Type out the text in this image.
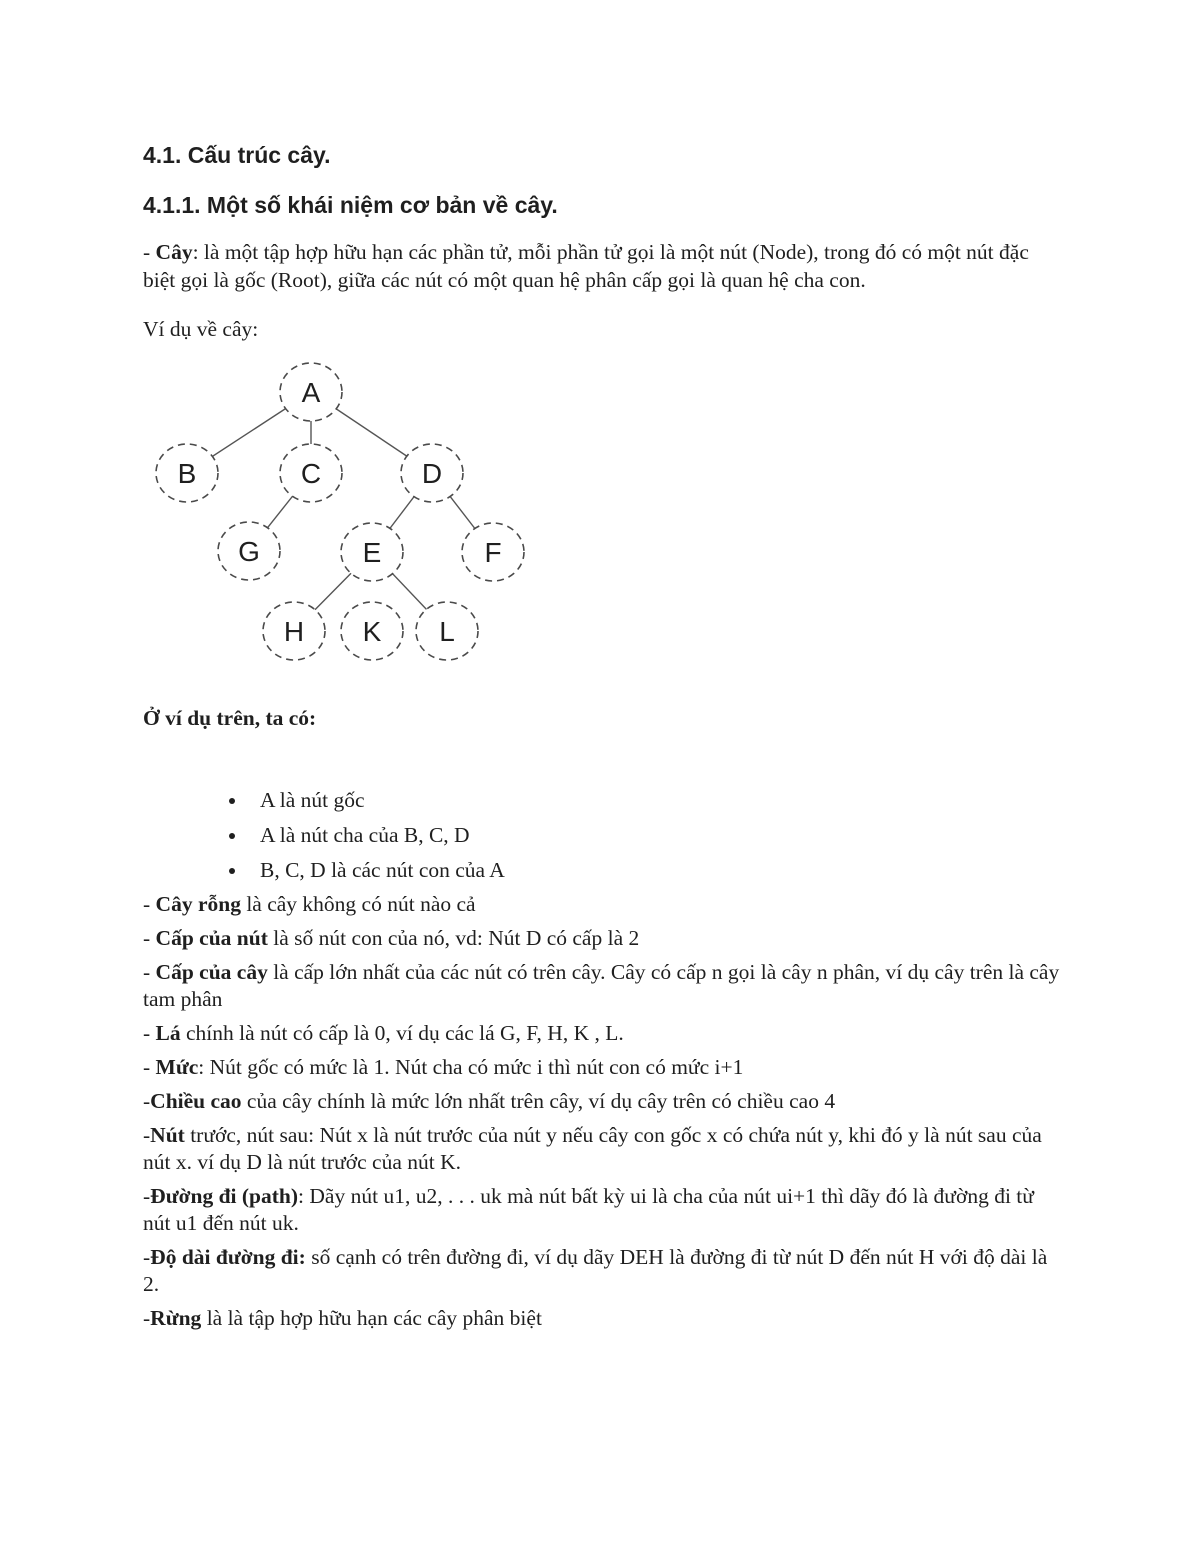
4.1. Cấu trúc cây.
4.1.1. Một số khái niệm cơ bản về cây.

- Cây: là một tập hợp hữu hạn các phần tử, mỗi phần tử gọi là một nút (Node), trong đó có một nút đặc biệt gọi là gốc (Root), giữa các nút có một quan hệ phân cấp gọi là quan hệ cha con.

Ví dụ về cây:

A
B	C	D
G	E	F
H K L

Ở ví dụ trên, ta có:

• A là nút gốc
• A là nút cha của B, C, D
• B, C, D là các nút con của A

- Cây rỗng là cây không có nút nào cả

- Cấp của nút là số nút con của nó, vd: Nút D có cấp là 2

- Cấp của cây là cấp lớn nhất của các nút có trên cây. Cây có cấp n gọi là cây n phân, ví dụ cây trên là cây tam phân

- Lá chính là nút có cấp là 0, ví dụ các lá G, F, H, K , L.

- Mức: Nút gốc có mức là 1. Nút cha có mức i thì nút con có mức i+1

-Chiều cao của cây chính là mức lớn nhất trên cây, ví dụ cây trên có chiều cao 4

-Nút trước, nút sau: Nút x là nút trước của nút y nếu cây con gốc x có chứa nút y, khi đó y là nút sau của nút x. ví dụ D là nút trước của nút K.

-Đường đi (path): Dãy nút u1, u2, . . . uk mà nút bất kỳ ui là cha của nút ui+1 thì dãy đó là đường đi từ nút u1 đến nút uk.

-Độ dài đường đi: số cạnh có trên đường đi, ví dụ dãy DEH là đường đi từ nút D đến nút H với độ dài là 2.

-Rừng là là tập hợp hữu hạn các cây phân biệt
